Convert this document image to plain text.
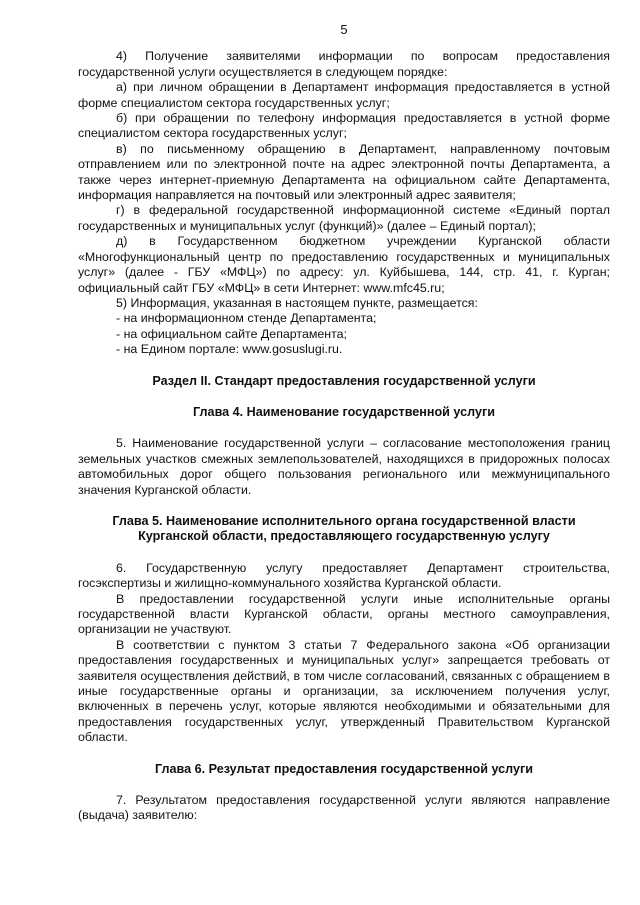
5

4) Получение заявителями информации по вопросам предоставления государственной услуги осуществляется в следующем порядке:

а) при личном обращении в Департамент информация предоставляется в устной форме специалистом сектора государственных услуг;

б) при обращении по телефону информация предоставляется в устной форме специалистом сектора государственных услуг;

в) по письменному обращению в Департамент, направленному почтовым отправлением или по электронной почте на адрес электронной почты Департамента, а также через интернет-приемную Департамента на официальном сайте Департамента, информация направляется на почтовый или электронный адрес заявителя;

г) в федеральной государственной информационной системе «Единый портал государственных и муниципальных услуг (функций)» (далее – Единый портал);

д) в Государственном бюджетном учреждении Курганской области «Многофункциональный центр по предоставлению государственных и муниципальных услуг» (далее - ГБУ «МФЦ») по адресу: ул. Куйбышева, 144, стр. 41, г. Курган; официальный сайт ГБУ «МФЦ» в сети Интернет: www.mfc45.ru;

5) Информация, указанная в настоящем пункте, размещается:

- на информационном стенде Департамента;

- на официальном сайте Департамента;

- на Едином портале: www.gosuslugi.ru.

Раздел II. Стандарт предоставления государственной услуги

Глава 4. Наименование государственной услуги

5. Наименование государственной услуги – согласование местоположения границ земельных участков смежных землепользователей, находящихся в придорожных полосах автомобильных дорог общего пользования регионального или межмуниципального значения Курганской области.

Глава 5. Наименование исполнительного органа государственной власти

Курганской области, предоставляющего государственную услугу

6. Государственную услугу предоставляет Департамент строительства, госэкспертизы и жилищно-коммунального хозяйства Курганской области.

В предоставлении государственной услуги иные исполнительные органы государственной власти Курганской области, органы местного самоуправления, организации не участвуют.

В соответствии с пунктом 3 статьи 7 Федерального закона «Об организации предоставления государственных и муниципальных услуг» запрещается требовать от заявителя осуществления действий, в том числе согласований, связанных с обращением в иные государственные органы и организации, за исключением получения услуг, включенных в перечень услуг, которые являются необходимыми и обязательными для предоставления государственных услуг, утвержденный Правительством Курганской области.

Глава 6. Результат предоставления государственной услуги

7. Результатом предоставления государственной услуги являются направление (выдача) заявителю:
